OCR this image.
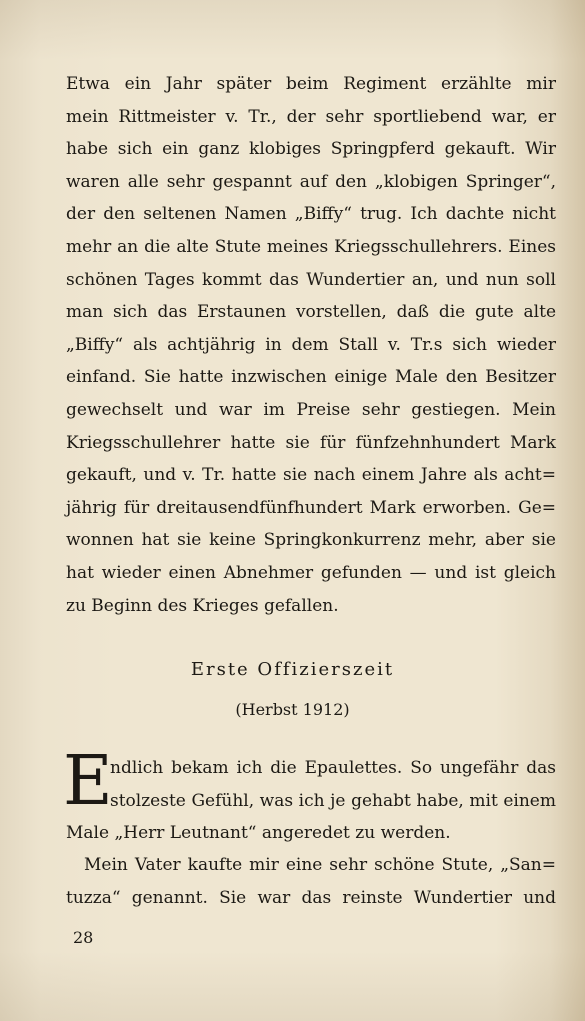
Etwa ein Jahr später beim Regiment erzählte mir
mein Rittmeister v. Tr., der sehr sportliebend war, er
habe sich ein ganz klobiges Springpferd gekauft. Wir
waren alle sehr gespannt auf den „klobigen Springer“,
der den seltenen Namen „Biffy“ trug. Ich dachte nicht
mehr an die alte Stute meines Kriegsschullehrers. Eines
schönen Tages kommt das Wundertier an, und nun soll
man sich das Erstaunen vorstellen, daß die gute alte
„Biffy“ als achtjährig in dem Stall v. Tr.s sich wieder
einfand. Sie hatte inzwischen einige Male den Besitzer
gewechselt und war im Preise sehr gestiegen. Mein
Kriegsschullehrer hatte sie für fünfzehnhundert Mark
gekauft, und v. Tr. hatte sie nach einem Jahre als acht=
jährig für dreitausendfünfhundert Mark erworben. Ge=
wonnen hat sie keine Springkonkurrenz mehr, aber sie
hat wieder einen Abnehmer gefunden — und ist gleich
zu Beginn des Krieges gefallen.
Erste Offizierszeit
(Herbst 1912)
E
ndlich bekam ich die Epaulettes. So ungefähr das
stolzeste Gefühl, was ich je gehabt habe, mit einem
Male „Herr Leutnant“ angeredet zu werden.
Mein Vater kaufte mir eine sehr schöne Stute, „San=
tuzza“ genannt. Sie war das reinste Wundertier und
28
